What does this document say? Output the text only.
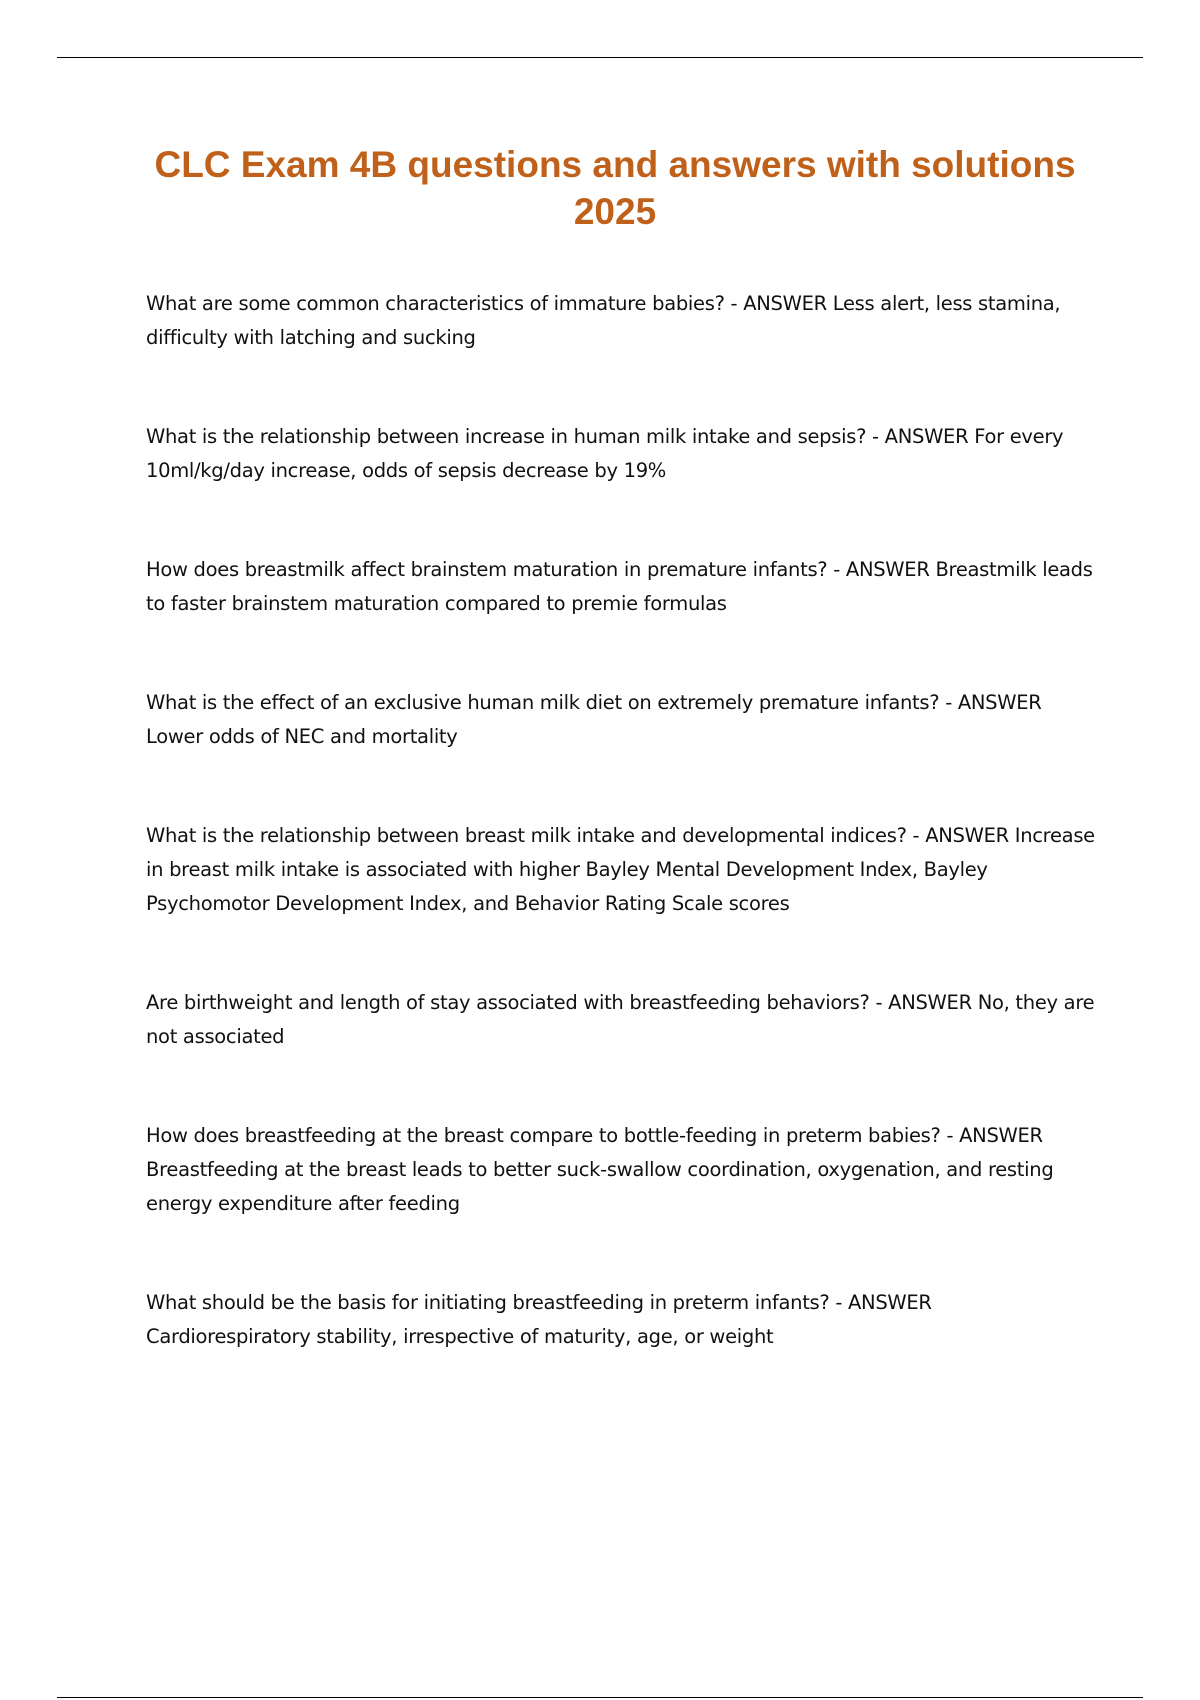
CLC Exam 4B questions and answers with solutions 2025
What are some common characteristics of immature babies? - ANSWER Less alert, less stamina, difficulty with latching and sucking
What is the relationship between increase in human milk intake and sepsis? - ANSWER For every 10ml/kg/day increase, odds of sepsis decrease by 19%
How does breastmilk affect brainstem maturation in premature infants? - ANSWER Breastmilk leads to faster brainstem maturation compared to premie formulas
What is the effect of an exclusive human milk diet on extremely premature infants? - ANSWER Lower odds of NEC and mortality
What is the relationship between breast milk intake and developmental indices? - ANSWER Increase in breast milk intake is associated with higher Bayley Mental Development Index, Bayley Psychomotor Development Index, and Behavior Rating Scale scores
Are birthweight and length of stay associated with breastfeeding behaviors? - ANSWER No, they are not associated
How does breastfeeding at the breast compare to bottle-feeding in preterm babies? - ANSWER Breastfeeding at the breast leads to better suck-swallow coordination, oxygenation, and resting energy expenditure after feeding
What should be the basis for initiating breastfeeding in preterm infants? - ANSWER Cardiorespiratory stability, irrespective of maturity, age, or weight
